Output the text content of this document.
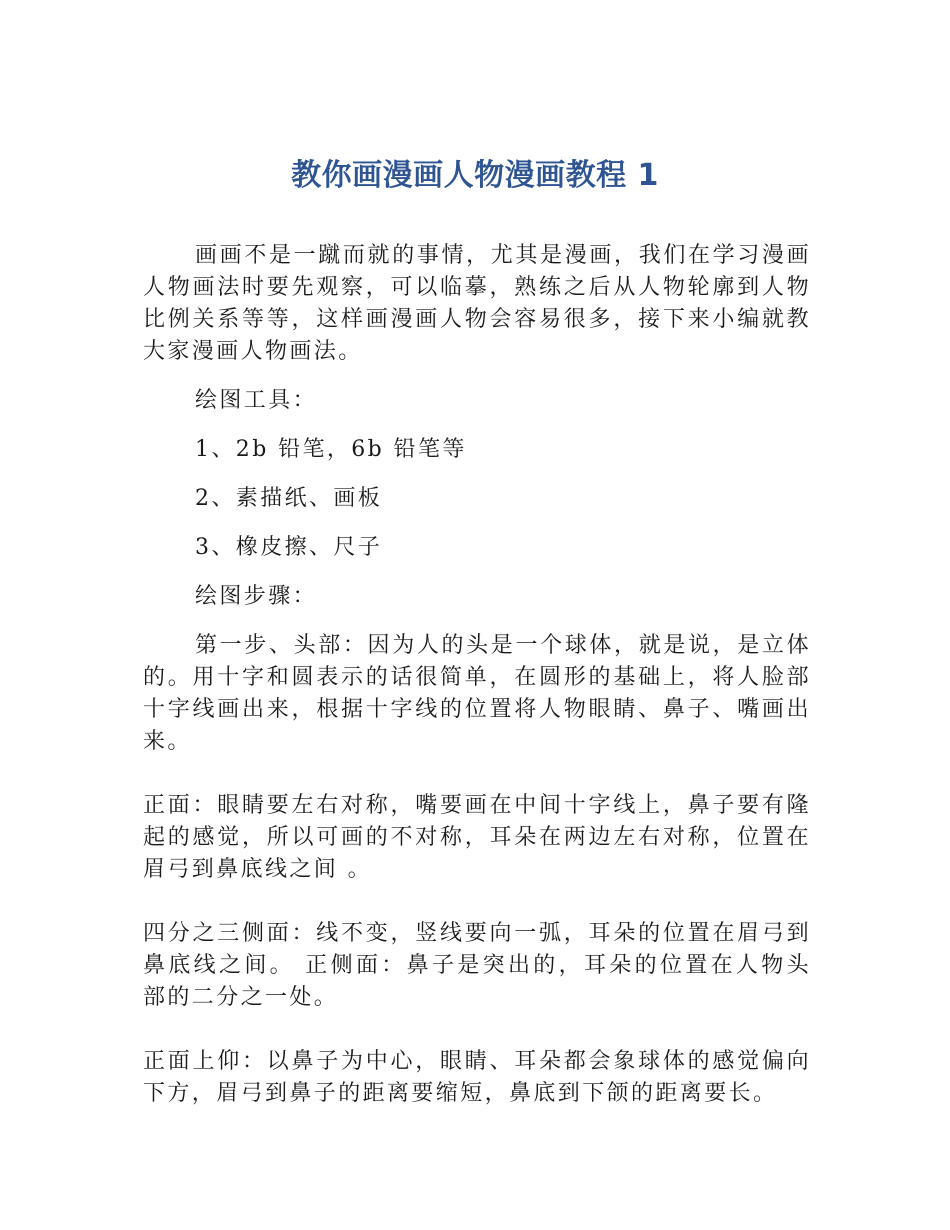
教你画漫画人物漫画教程 1

画画不是一蹴而就的事情，尤其是漫画，我们在学习漫画人物画法时要先观察，可以临摹，熟练之后从人物轮廓到人物比例关系等等，这样画漫画人物会容易很多，接下来小编就教大家漫画人物画法。

绘图工具：

1、2b 铅笔，6b 铅笔等

2、素描纸、画板

3、橡皮擦、尺子

绘图步骤：

第一步、头部：因为人的头是一个球体，就是说，是立体的。用十字和圆表示的话很简单，在圆形的基础上，将人脸部十字线画出来，根据十字线的位置将人物眼睛、鼻子、嘴画出来。

正面：眼睛要左右对称，嘴要画在中间十字线上，鼻子要有隆起的感觉，所以可画的不对称，耳朵在两边左右对称，位置在眉弓到鼻底线之间 。

四分之三侧面：线不变，竖线要向一弧，耳朵的位置在眉弓到鼻底线之间。 正侧面：鼻子是突出的，耳朵的位置在人物头部的二分之一处。

正面上仰：以鼻子为中心，眼睛、耳朵都会象球体的感觉偏向下方，眉弓到鼻子的距离要缩短，鼻底到下颌的距离要长。
